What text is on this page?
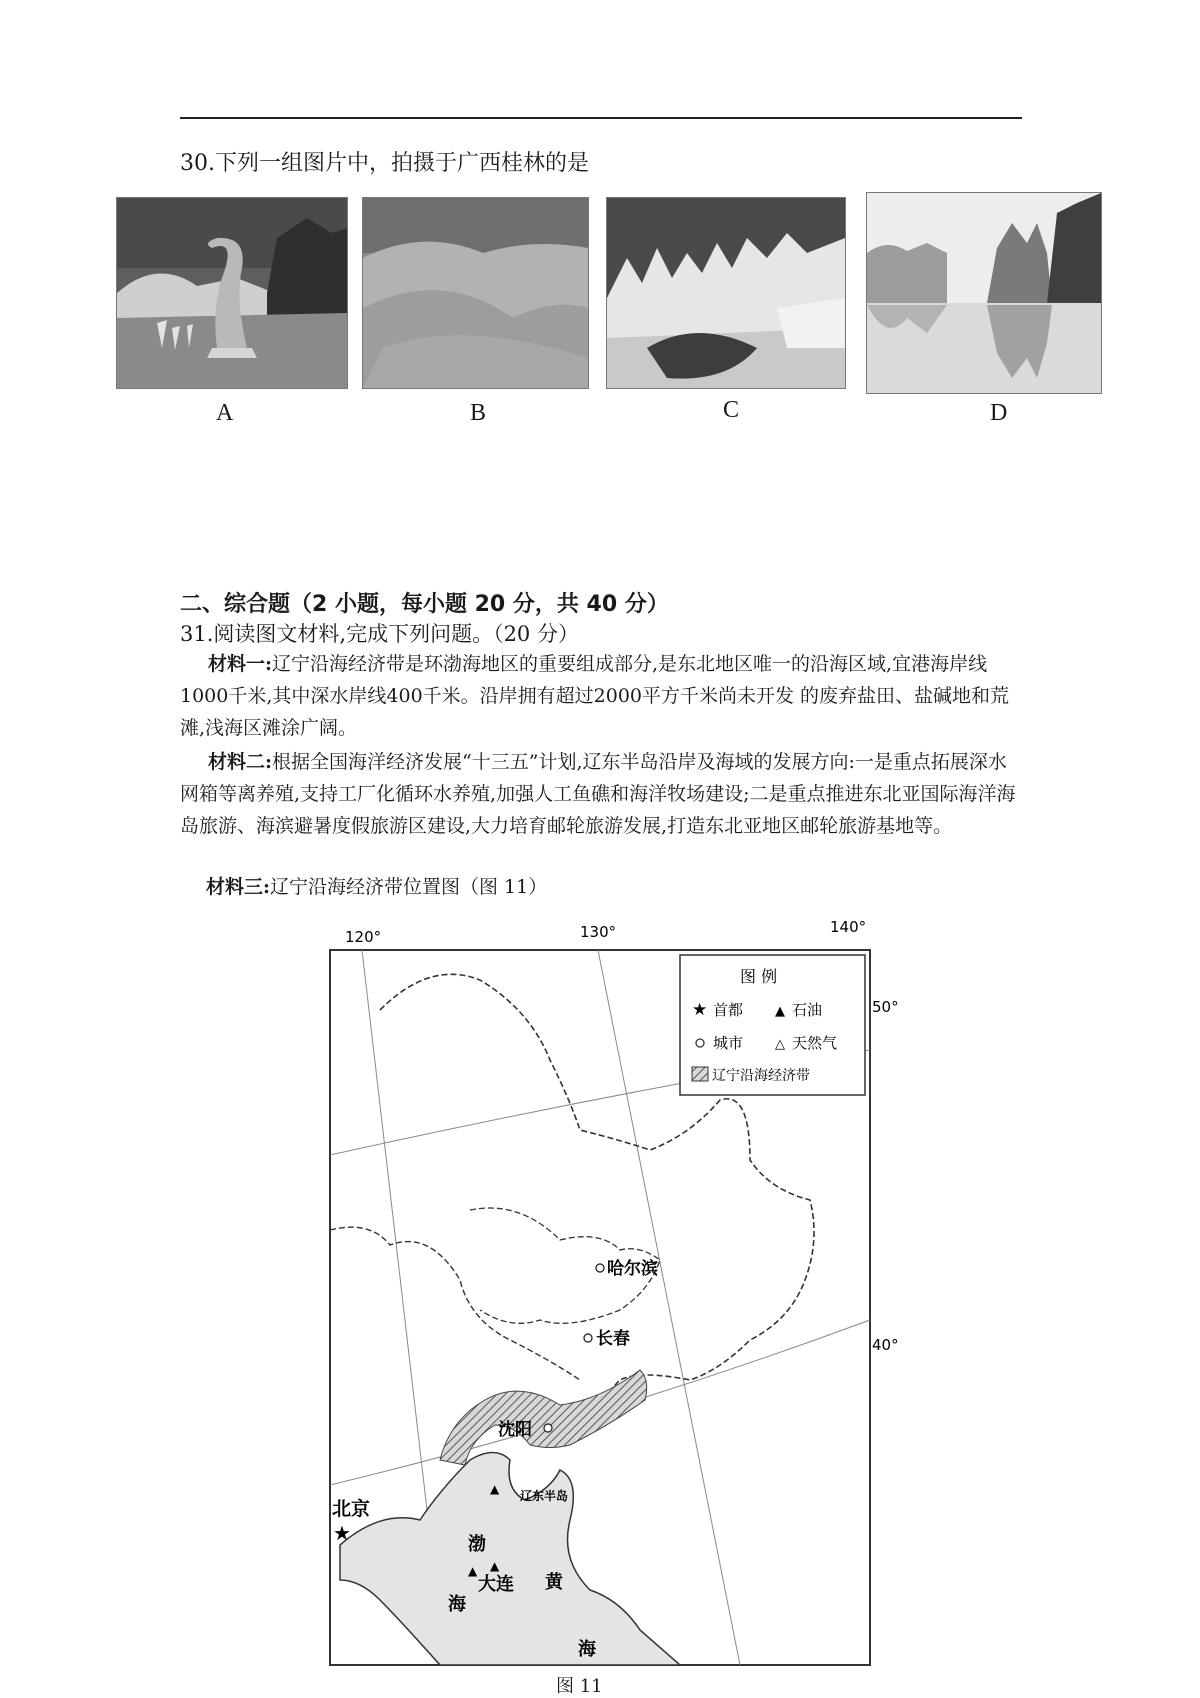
30.下列一组图片中，拍摄于广西桂林的是
A	B	C	D
二、综合题（2 小题，每小题 20 分，共 40 分）
31.阅读图文材料,完成下列问题。（20 分）
材料一:辽宁沿海经济带是环渤海地区的重要组成部分,是东北地区唯一的沿海区域,宜港海岸线1000千米,其中深水岸线400千米。沿岸拥有超过2000平方千米尚未开发 的废弃盐田、盐碱地和荒滩,浅海区滩涂广阔。
材料二:根据全国海洋经济发展“十三五”计划,辽东半岛沿岸及海域的发展方向:一是重点拓展深水网箱等离养殖,支持工厂化循环水养殖,加强人工鱼礁和海洋牧场建设;二是重点推进东北亚国际海洋海岛旅游、海滨避暑度假旅游区建设,大力培育邮轮旅游发展,打造东北亚地区邮轮旅游基地等。
材料三:辽宁沿海经济带位置图（图 11）
120°	130°	140°
50°
40°
图 例
★ 首都 ▲ 石油
城市 △ 天然气
辽宁沿海经济带
哈尔滨
长春
沈阳
北京
★
大连
▲
▲ ▲
渤
海
黄
海
辽东半岛
图 11
